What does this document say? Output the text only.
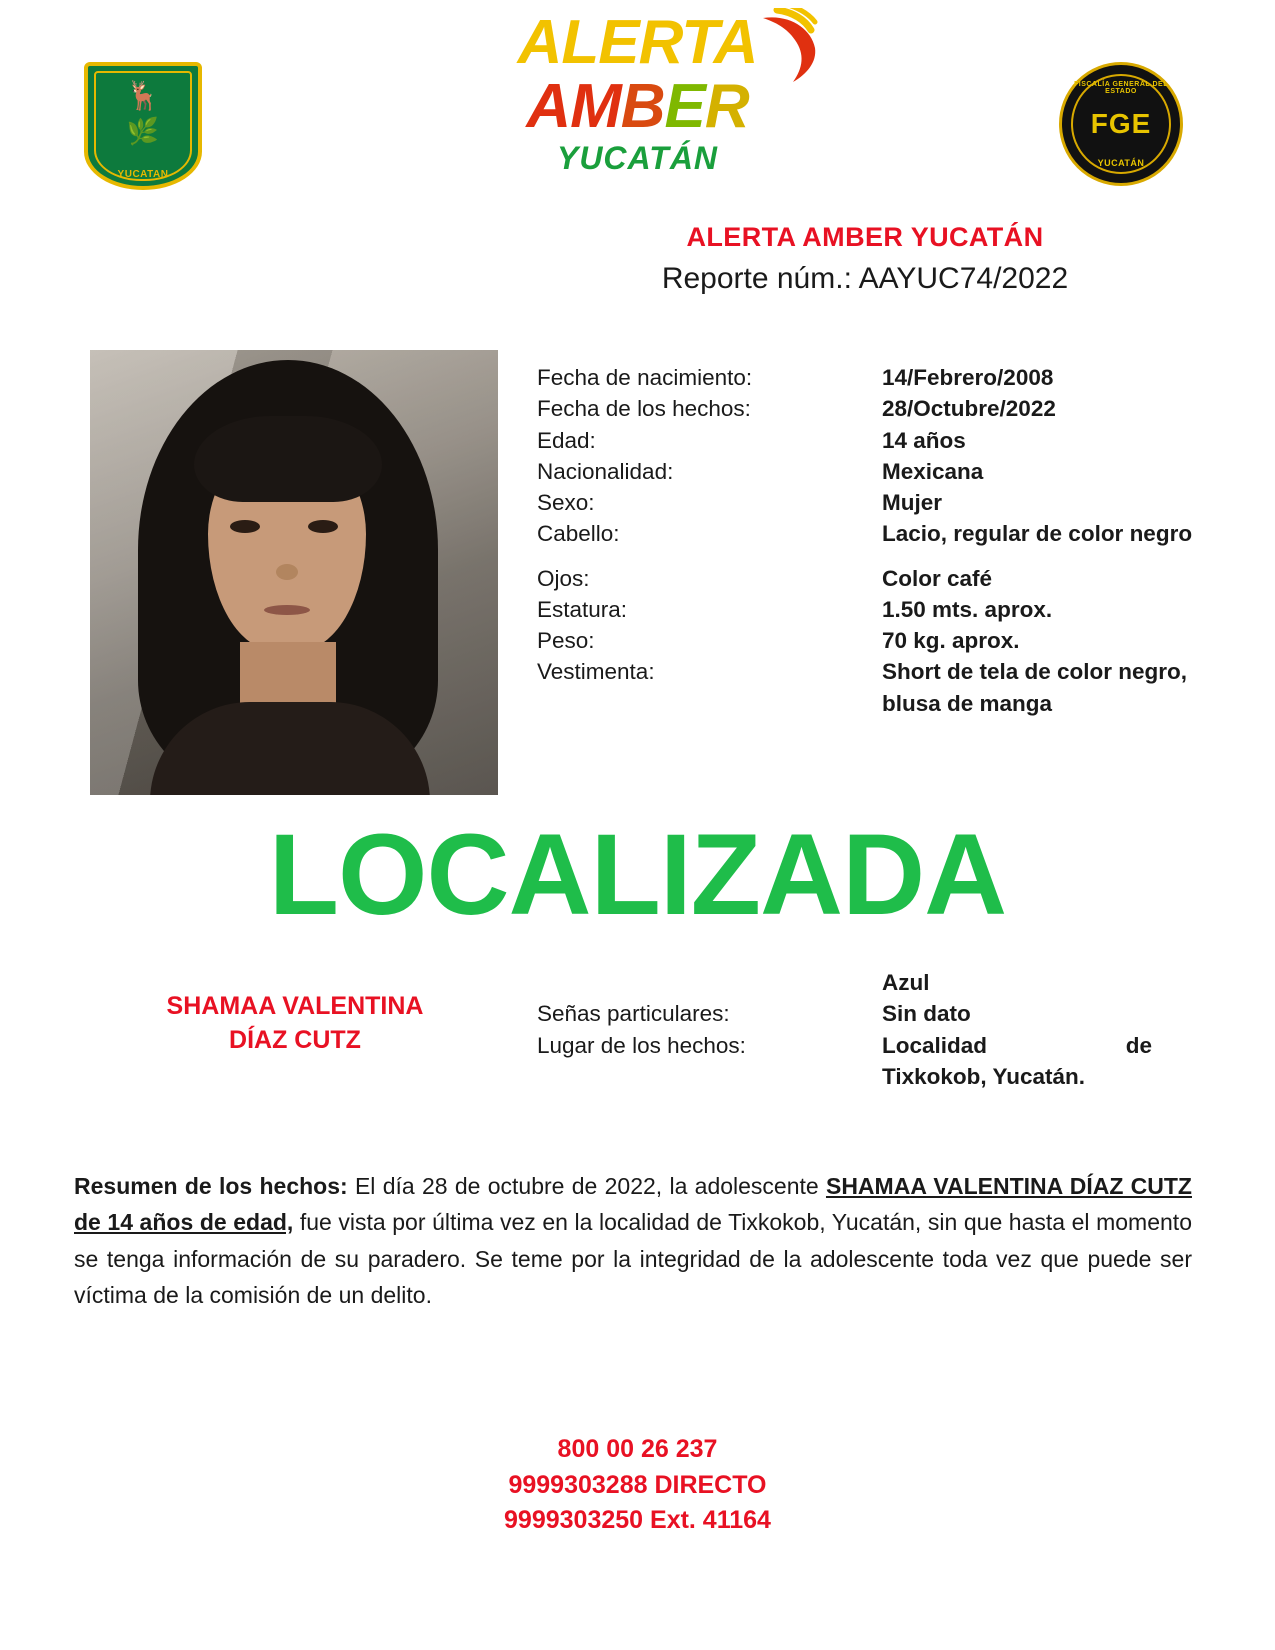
🦌
🌿
YUCATAN
ALERTA
AMBER
YUCATÁN
FISCALÍA GENERAL DEL ESTADO
FGE
YUCATÁN
ALERTA AMBER YUCATÁN
Reporte núm.: AAYUC74/2022
Fecha de nacimiento:	14/Febrero/2008
Fecha de los hechos:	28/Octubre/2022
Edad:	14 años
Nacionalidad:	Mexicana
Sexo:	Mujer
Cabello:	Lacio, regular de color negro
Ojos:	Color café
Estatura:	1.50 mts. aprox.
Peso:	70 kg. aprox.
Vestimenta:	Short de tela de color negro, blusa de manga
LOCALIZADA
SHAMAA VALENTINA
DÍAZ CUTZ
Azul
Señas particulares:	Sin dato
Lugar de los hechos:	Localidad	de
Tixkokob, Yucatán.
Resumen de los hechos: El día 28 de octubre de 2022, la adolescente SHAMAA VALENTINA DÍAZ CUTZ de 14 años de edad, fue vista por última vez en la localidad de Tixkokob, Yucatán, sin que hasta el momento se tenga información de su paradero. Se teme por la integridad de la adolescente toda vez que puede ser víctima de la comisión de un delito.
800 00 26 237
9999303288 DIRECTO
9999303250 Ext. 41164
